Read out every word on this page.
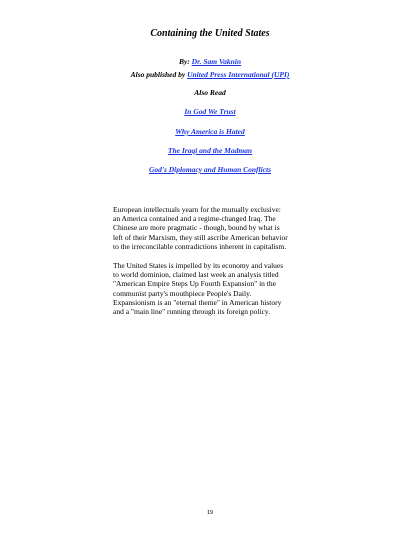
Containing the United States
By: Dr. Sam Vaknin
Also published by United Press International (UPI)
Also Read
In God We Trust
Why America is Hated
The Iraqi and the Madman
God's Diplomacy and Human Conflicts
European intellectuals yearn for the mutually exclusive:
an America contained and a regime-changed Iraq. The
Chinese are more pragmatic - though, bound by what is
left of their Marxism, they still ascribe American behavior
to the irreconcilable contradictions inherent in capitalism.
The United States is impelled by its economy and values
to world dominion, claimed last week an analysis titled
"American Empire Steps Up Fourth Expansion" in the
communist party's mouthpiece People's Daily.
Expansionism is an "eternal theme" in American history
and a "main line" running through its foreign policy.
19
